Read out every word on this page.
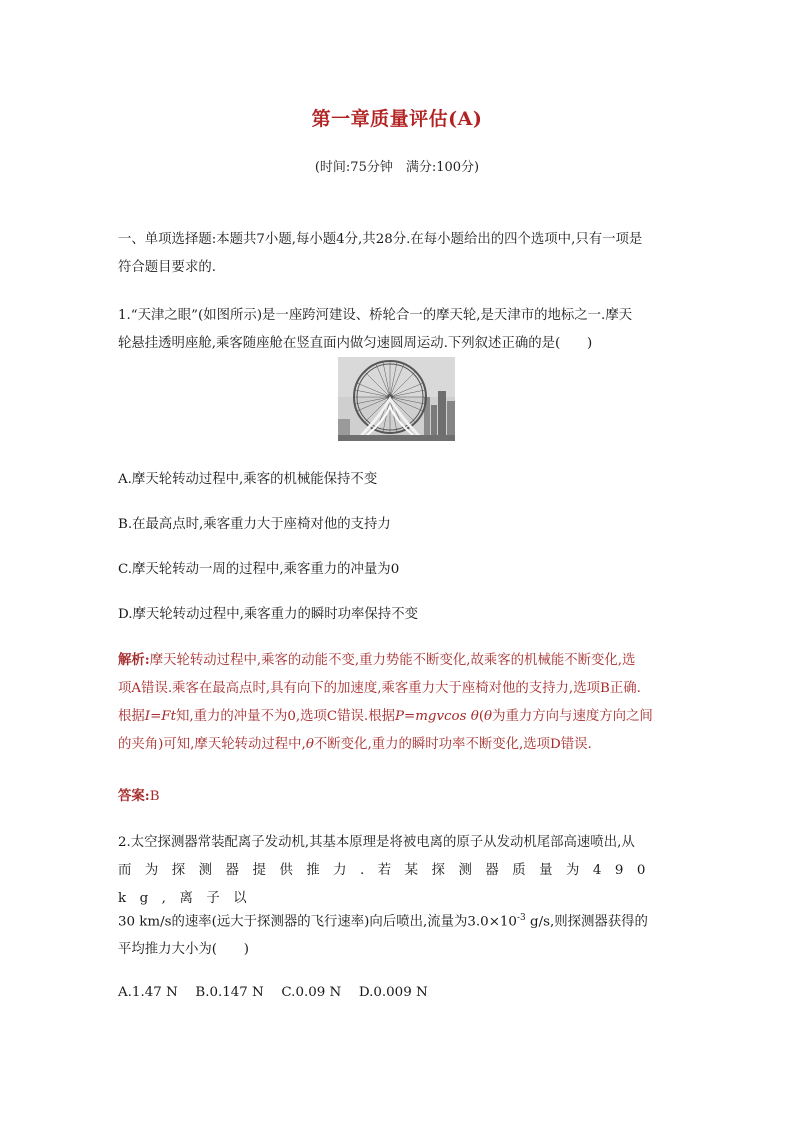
第一章质量评估(A)
(时间:75分钟　满分:100分)
一、单项选择题:本题共7小题,每小题4分,共28分.在每小题给出的四个选项中,只有一项是
符合题目要求的.
1.“天津之眼”(如图所示)是一座跨河建设、桥轮合一的摩天轮,是天津市的地标之一.摩天
轮悬挂透明座舱,乘客随座舱在竖直面内做匀速圆周运动.下列叙述正确的是(　　)
A.摩天轮转动过程中,乘客的机械能保持不变
B.在最高点时,乘客重力大于座椅对他的支持力
C.摩天轮转动一周的过程中,乘客重力的冲量为0
D.摩天轮转动过程中,乘客重力的瞬时功率保持不变
解析:摩天轮转动过程中,乘客的动能不变,重力势能不断变化,故乘客的机械能不断变化,选
项A错误.乘客在最高点时,具有向下的加速度,乘客重力大于座椅对他的支持力,选项B正确.
根据I=Ft知,重力的冲量不为0,选项C错误.根据P=mgvcos θ(θ为重力方向与速度方向之间
的夹角)可知,摩天轮转动过程中,θ不断变化,重力的瞬时功率不断变化,选项D错误.
答案:B
2.太空探测器常装配离子发动机,其基本原理是将被电离的原子从发动机尾部高速喷出,从
而为探测器提供推力.若某探测器质量为490 kg,离子以
30 km/s的速率(远大于探测器的飞行速率)向后喷出,流量为$3.0\times 10^{-3}$ g/s,则探测器获得的
平均推力大小为(　　)
A.1.47 N　 B.0.147 N　 C.0.09 N　 D.0.009 N
